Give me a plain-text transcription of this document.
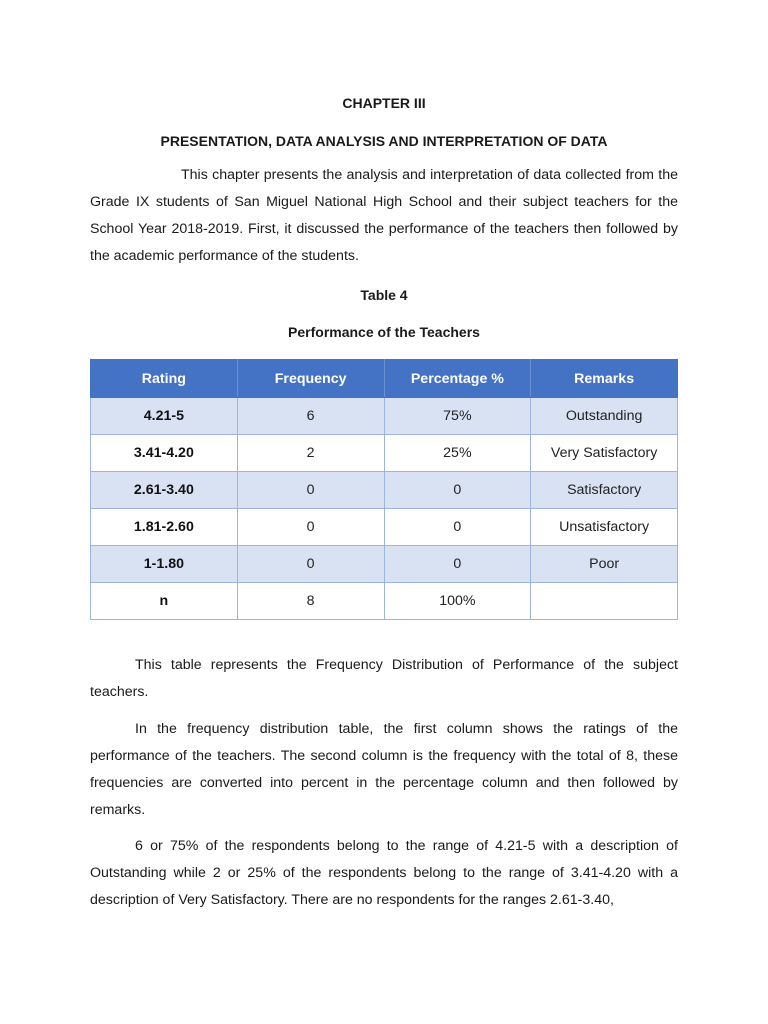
CHAPTER III
PRESENTATION, DATA ANALYSIS AND INTERPRETATION OF DATA

This chapter presents the analysis and interpretation of data collected from the Grade IX students of San Miguel National High School and their subject teachers for the School Year 2018-2019. First, it discussed the performance of the teachers then followed by the academic performance of the students.

Table 4
Performance of the Teachers
Rating	Frequency	Percentage %	Remarks
4.21-5	6	75%	Outstanding
3.41-4.20	2	25%	Very Satisfactory
2.61-3.40	0	0	Satisfactory
1.81-2.60	0	0	Unsatisfactory
1-1.80	0	0	Poor
n	8	100%	

This table represents the Frequency Distribution of Performance of the subject teachers.

In the frequency distribution table, the first column shows the ratings of the performance of the teachers. The second column is the frequency with the total of 8, these frequencies are converted into percent in the percentage column and then followed by remarks.

6 or 75% of the respondents belong to the range of 4.21-5 with a description of Outstanding while 2 or 25% of the respondents belong to the range of 3.41-4.20 with a description of Very Satisfactory. There are no respondents for the ranges 2.61-3.40,
